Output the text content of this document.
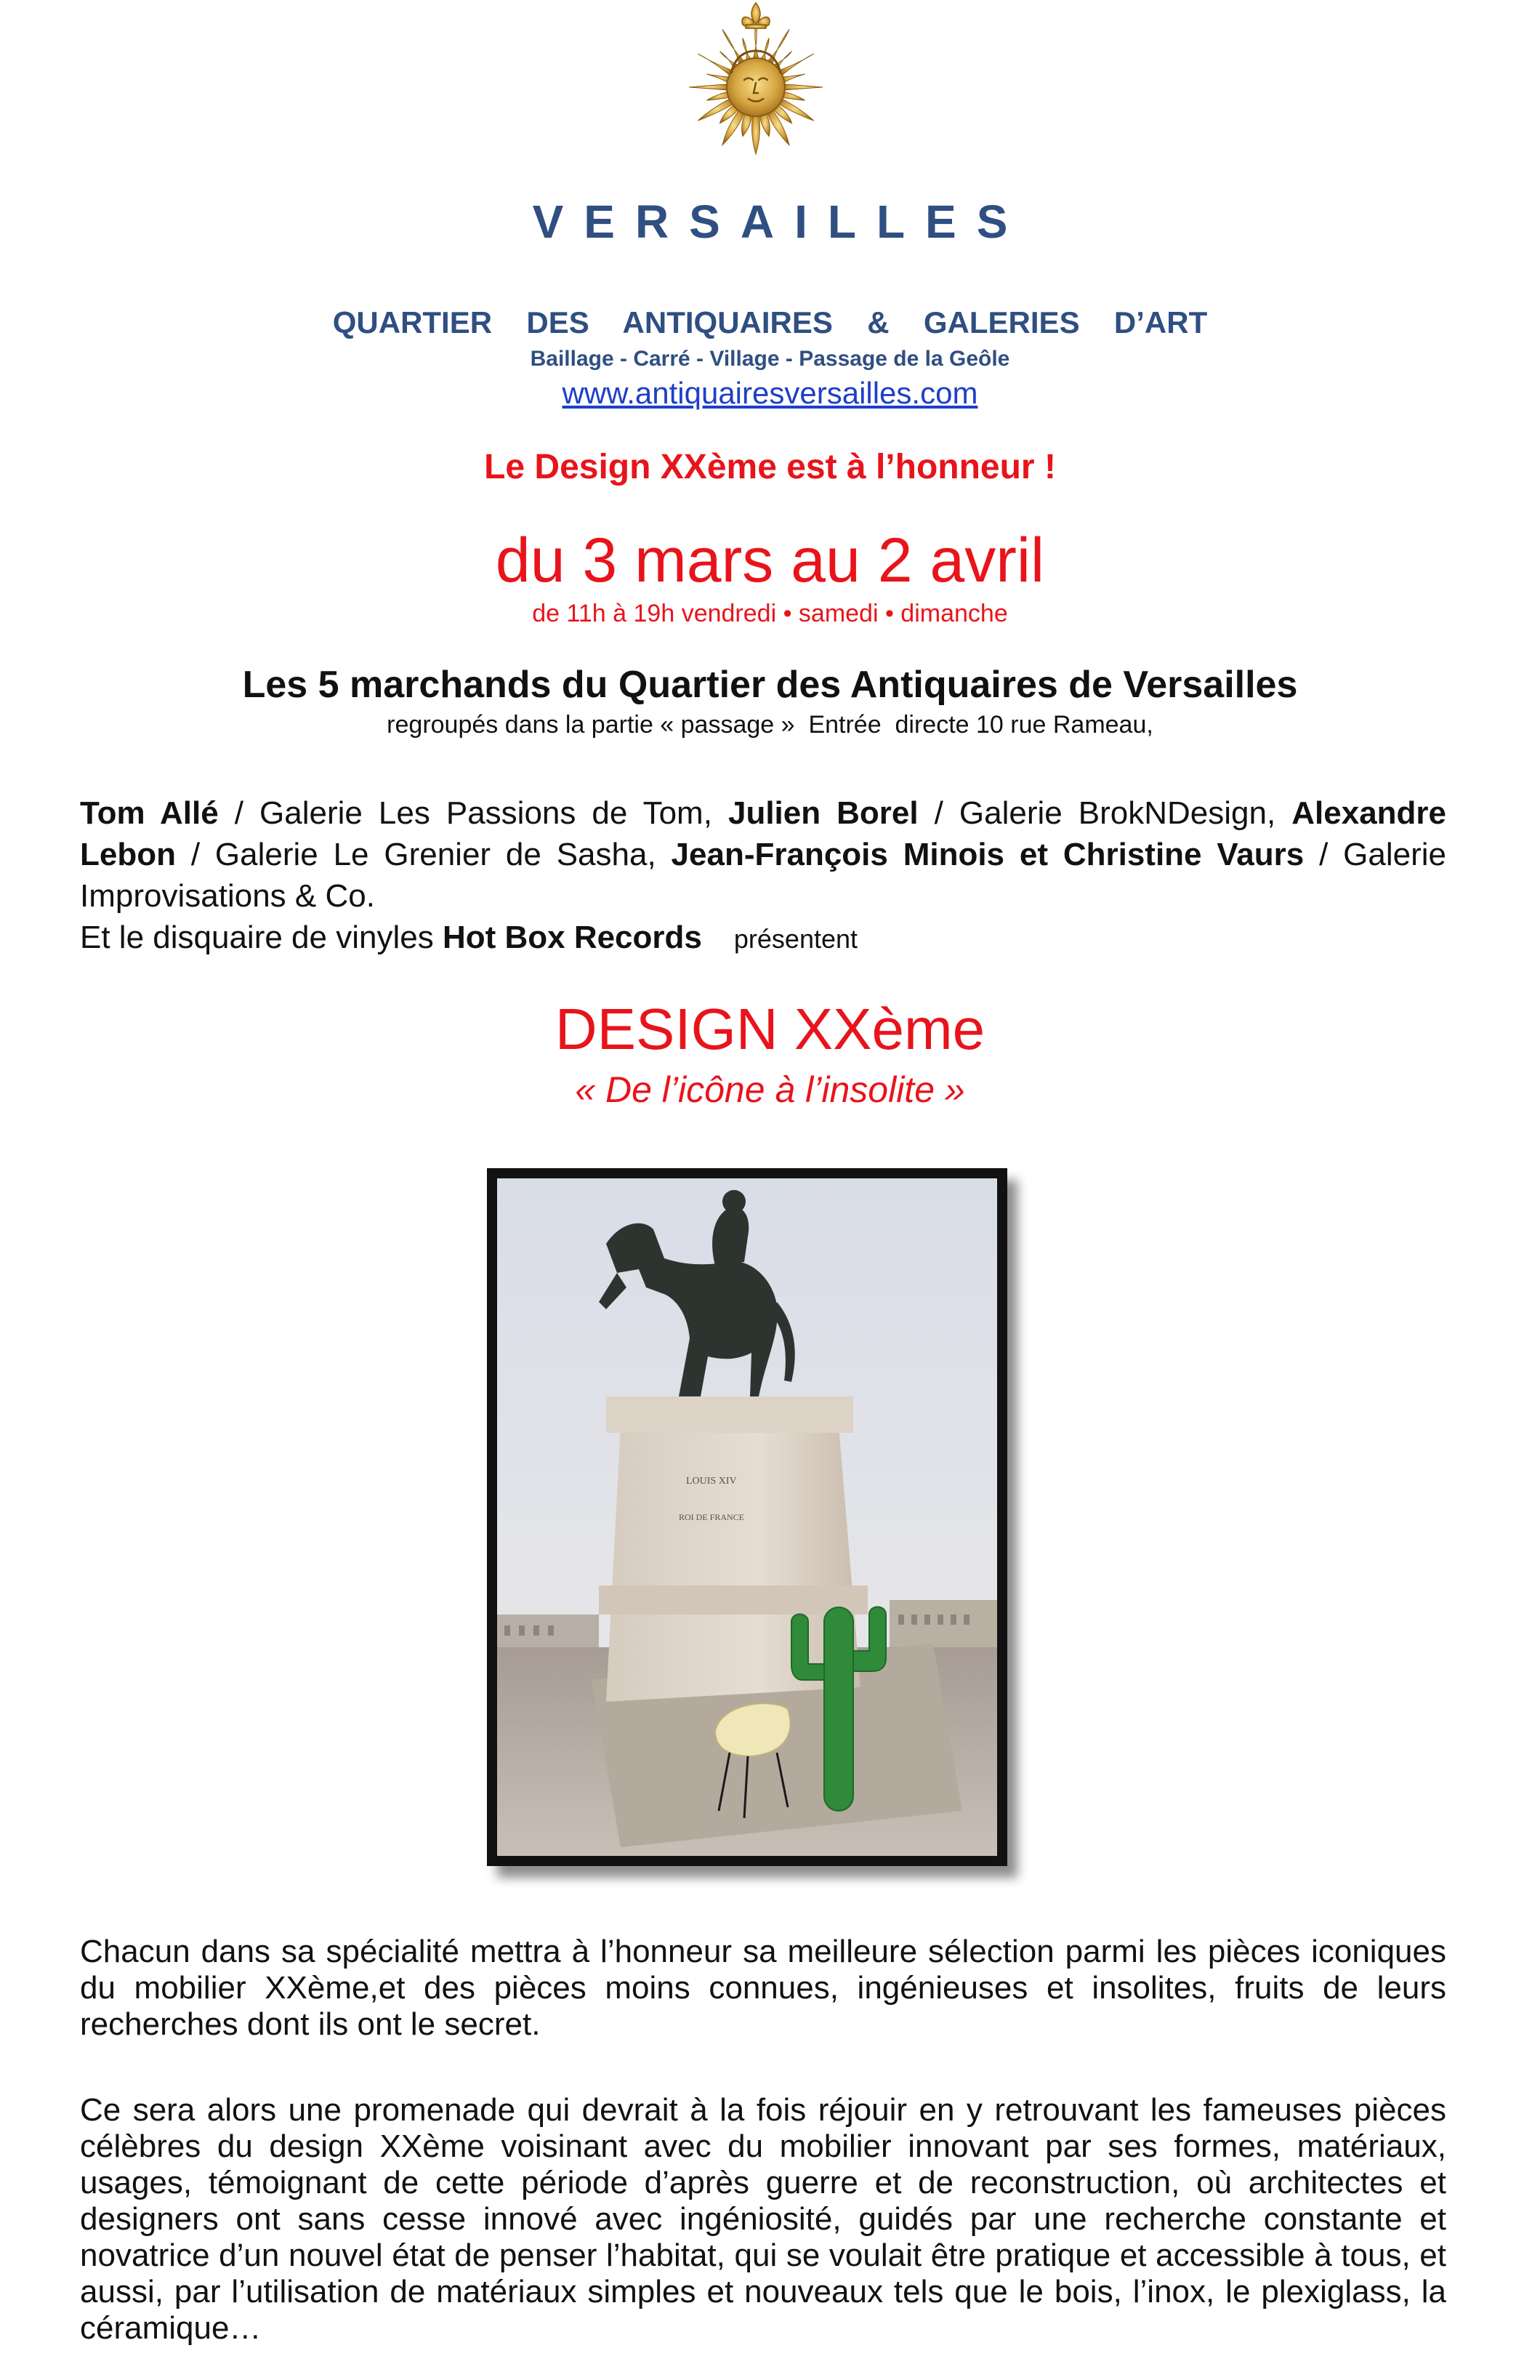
VERSAILLES
QUARTIER  DES  ANTIQUAIRES  &  GALERIES  D’ART
Baillage - Carré - Village - Passage de la Geôle
www.antiquairesversailles.com
Le Design XXème est à l’honneur !
du 3 mars au 2 avril
de 11h à 19h vendredi • samedi • dimanche
Les 5 marchands du Quartier des Antiquaires de Versailles
regroupés dans la partie « passage »  Entrée  directe 10 rue Rameau,
Tom Allé / Galerie Les Passions de Tom, Julien Borel / Galerie BrokNDesign, Alexandre Lebon / Galerie Le Grenier de Sasha, Jean-François Minois et Christine Vaurs / Galerie Improvisations & Co.
Et le disquaire de vinyles Hot Box Records présentent
DESIGN XXème
« De l’icône à l’insolite »
LOUIS XIV
ROI DE FRANCE
Chacun dans sa spécialité mettra à l’honneur sa meilleure sélection parmi les pièces iconiques du mobilier XXème,et des pièces moins connues, ingénieuses et insolites, fruits de leurs recherches dont ils ont le secret.
Ce sera alors une promenade qui devrait à la fois réjouir en y retrouvant les fameuses pièces célèbres du design XXème voisinant avec du mobilier innovant par ses formes, matériaux, usages, témoignant de cette période d’après guerre et de reconstruction, où architectes et designers ont sans cesse innové avec ingéniosité, guidés par une recherche constante et novatrice d’un nouvel état de penser l’habitat, qui se voulait être pratique et accessible à tous, et aussi, par l’utilisation de matériaux simples et nouveaux tels que le bois, l’inox, le plexiglass, la céramique…
